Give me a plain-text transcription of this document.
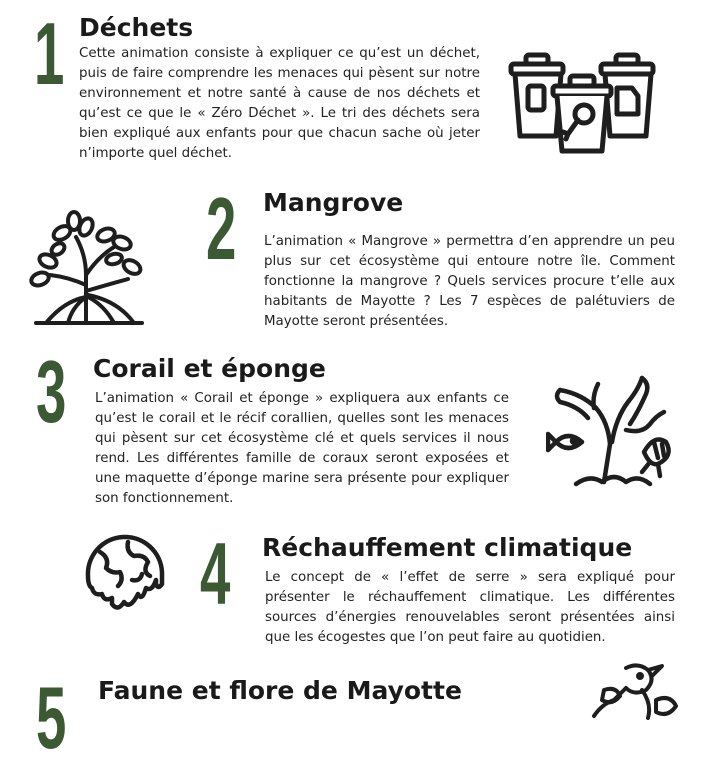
1 Déchets

Cette animation consiste à expliquer ce qu’est un déchet, puis de faire comprendre les menaces qui pèsent sur notre environnement et notre santé à cause de nos déchets et qu’est ce que le « Zéro Déchet ». Le tri des déchets sera bien expliqué aux enfants pour que chacun sache où jeter n’importe quel déchet.

2 Mangrove

L’animation « Mangrove » permettra d’en apprendre un peu plus sur cet écosystème qui entoure notre île. Comment fonctionne la mangrove ? Quels services procure t’elle aux habitants de Mayotte ? Les 7 espèces de palétuviers de Mayotte seront présentées.

3 Corail et éponge

L’animation « Corail et éponge » expliquera aux enfants ce qu’est le corail et le récif corallien, quelles sont les menaces qui pèsent sur cet écosystème clé et quels services il nous rend. Les différentes famille de coraux seront exposées et une maquette d’éponge marine sera présente pour expliquer son fonctionnement.

4 Réchauffement climatique

Le concept de « l’effet de serre » sera expliqué pour présenter le réchauffement climatique. Les différentes sources d’énergies renouvelables seront présentées ainsi que les écogestes que l’on peut faire au quotidien.

5 Faune et flore de Mayotte
